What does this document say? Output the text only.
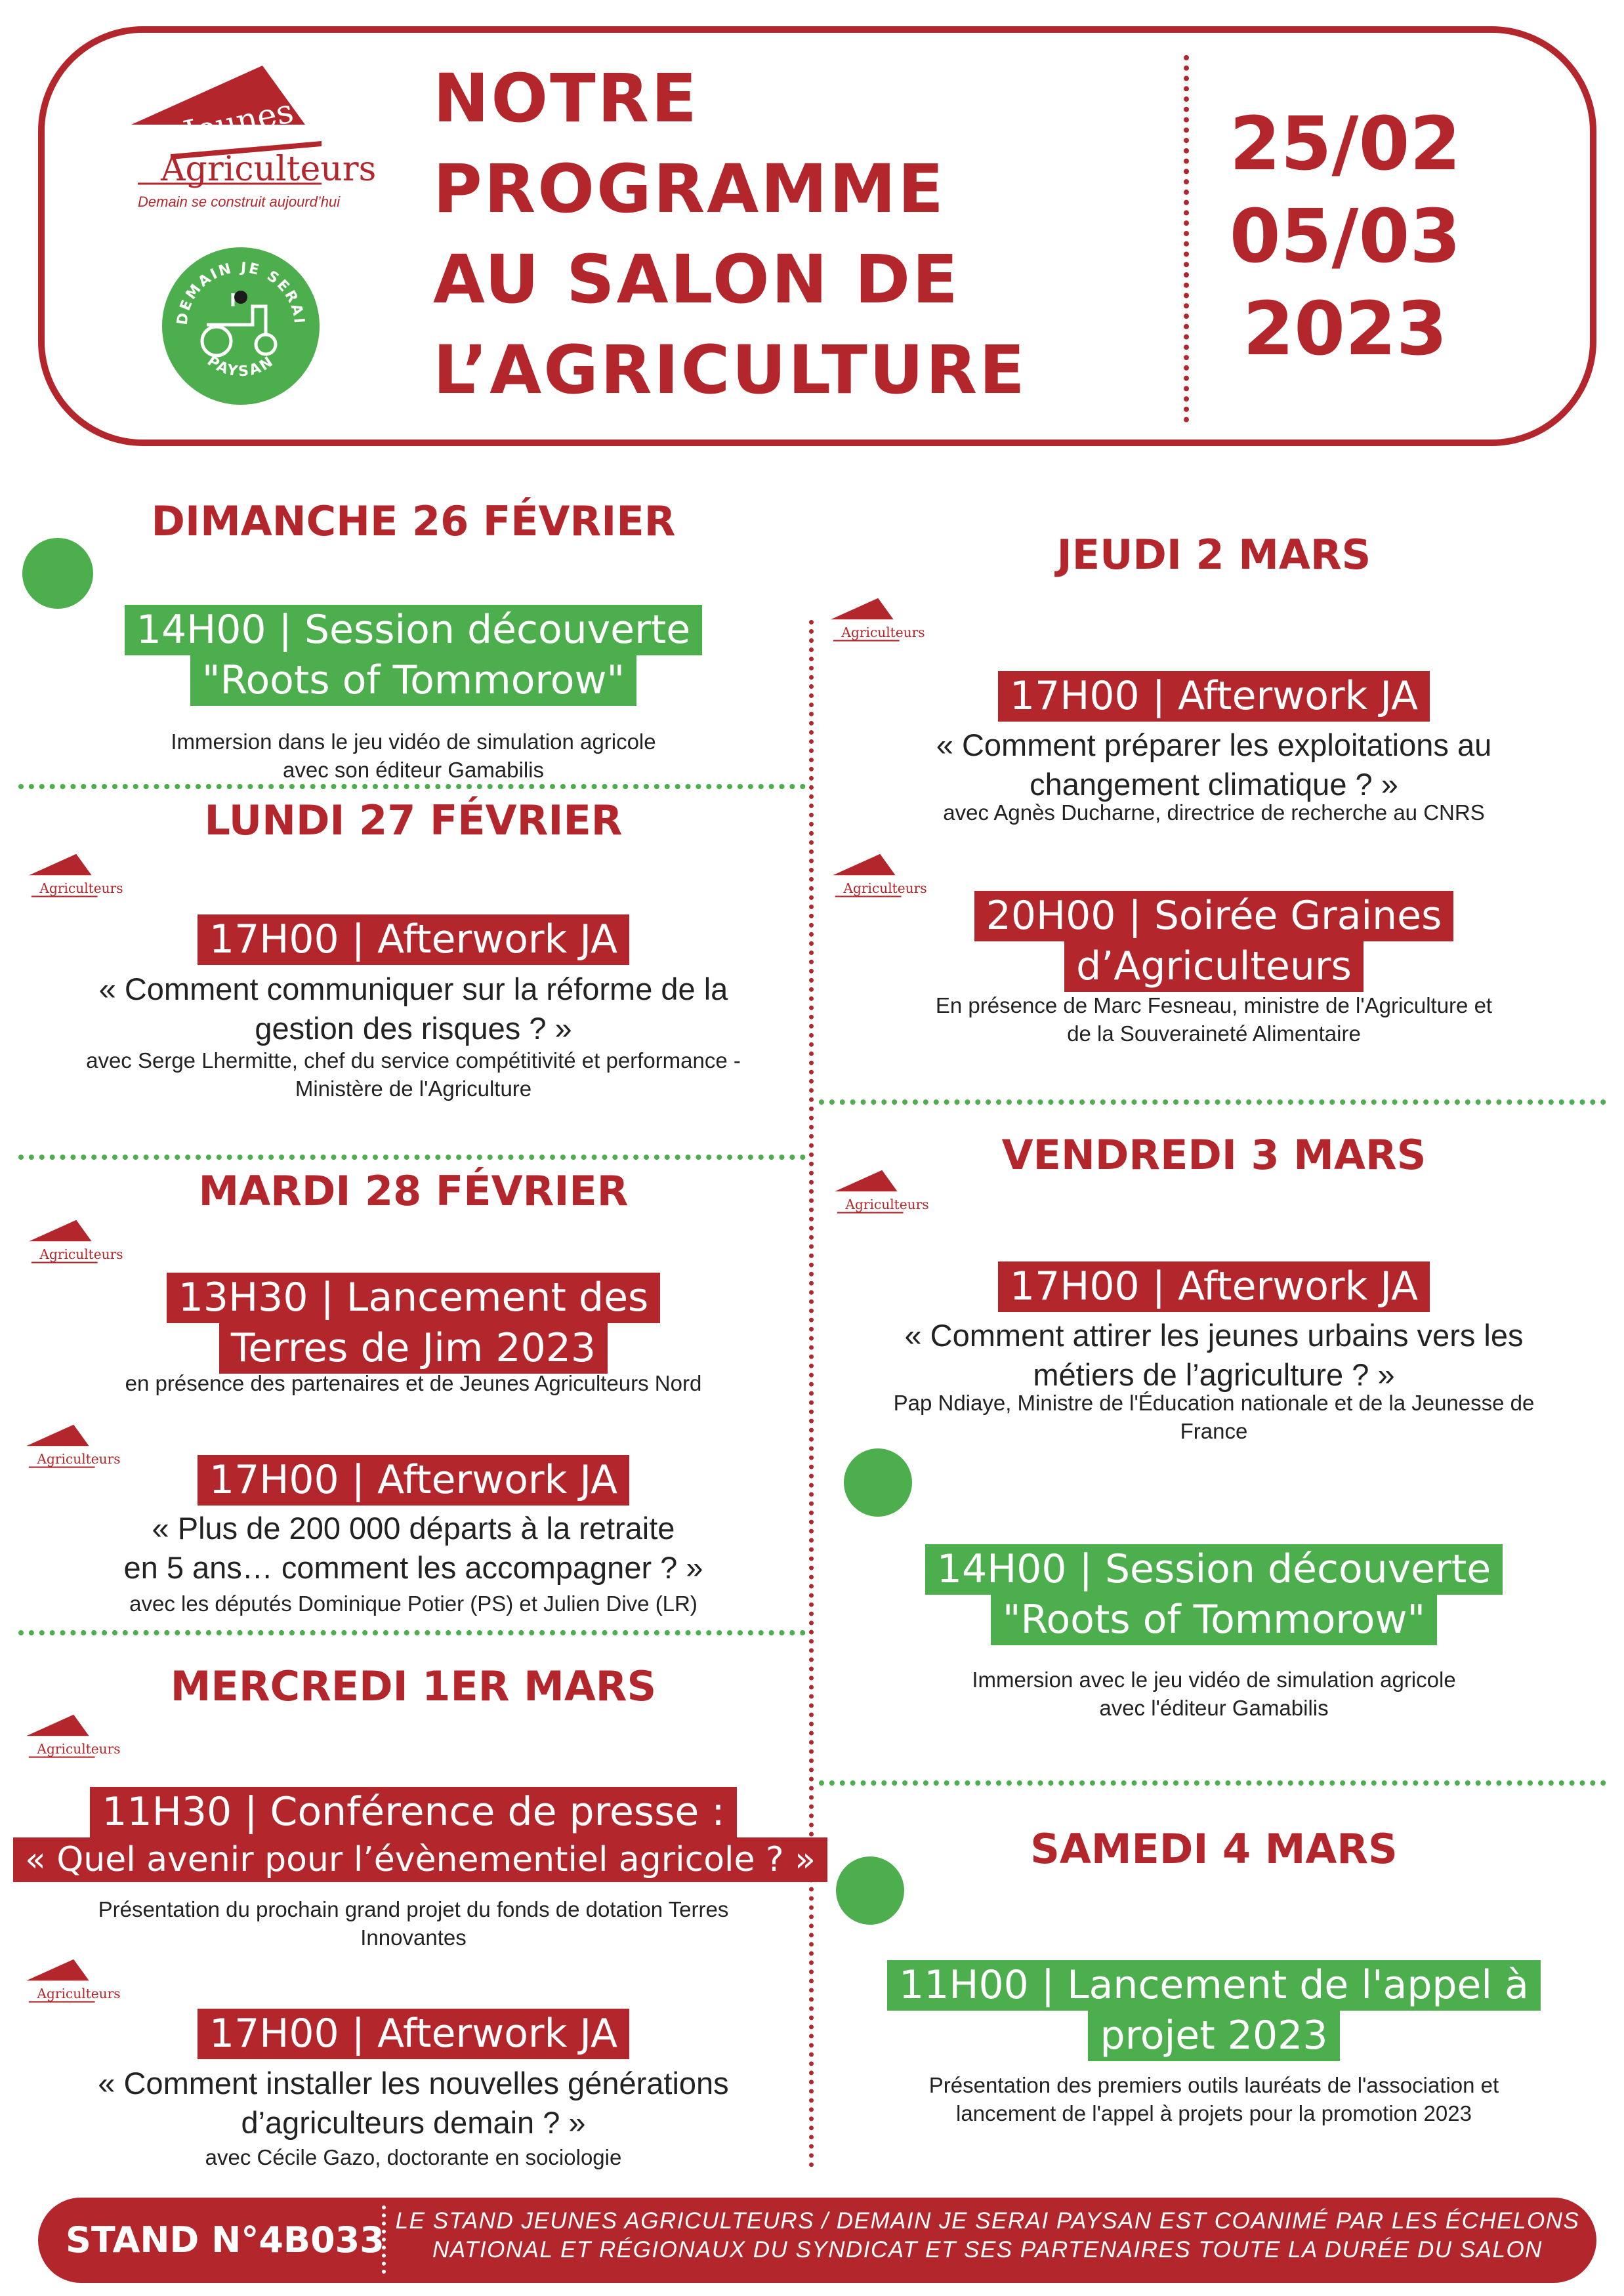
Jeunes
Agriculteurs
Demain se construit aujourd’hui
DEMAIN JE SERAI
PAYSAN
NOTRE
PROGRAMME
AU SALON DE
L’AGRICULTURE
25/02
05/03
2023
DIMANCHE 26 FÉVRIER
14H00 | Session découverte
"Roots of Tommorow"
Immersion dans le jeu vidéo de simulation agricole
avec son éditeur Gamabilis
LUNDI 27 FÉVRIER
Agriculteurs
17H00 | Afterwork JA
« Comment communiquer sur la réforme de la
gestion des risques ? »
avec Serge Lhermitte, chef du service compétitivité et performance -
Ministère de l'Agriculture
MARDI 28 FÉVRIER
Agriculteurs
13H30 | Lancement des
Terres de Jim 2023
en présence des partenaires et de Jeunes Agriculteurs Nord
Agriculteurs	17H00 | Afterwork JA
« Plus de 200 000 départs à la retraite
en 5 ans… comment les accompagner ? »
avec les députés Dominique Potier (PS) et Julien Dive (LR)
MERCREDI 1ER MARS
Agriculteurs
11H30 | Conférence de presse :
« Quel avenir pour l’évènementiel agricole ? »
Présentation du prochain grand projet du fonds de dotation Terres
Innovantes
Agriculteurs
17H00 | Afterwork JA
« Comment installer les nouvelles générations
d’agriculteurs demain ? »
avec Cécile Gazo, doctorante en sociologie
JEUDI 2 MARS
Agriculteurs
17H00 | Afterwork JA
« Comment préparer les exploitations au
changement climatique ? »
avec Agnès Ducharne, directrice de recherche au CNRS
Agriculteurs
20H00 | Soirée Graines
d’Agriculteurs
En présence de Marc Fesneau, ministre de l'Agriculture et
de la Souveraineté Alimentaire
VENDREDI 3 MARS
Agriculteurs
17H00 | Afterwork JA
« Comment attirer les jeunes urbains vers les
métiers de l’agriculture ? »
Pap Ndiaye, Ministre de l'Éducation nationale et de la Jeunesse de
France
14H00 | Session découverte
"Roots of Tommorow"
Immersion avec le jeu vidéo de simulation agricole
avec l'éditeur Gamabilis
SAMEDI 4 MARS
11H00 | Lancement de l'appel à
projet 2023
Présentation des premiers outils lauréats de l'association et
lancement de l'appel à projets pour la promotion 2023
STAND N°4B033 LE STAND JEUNES AGRICULTEURS / DEMAIN JE SERAI PAYSAN EST COANIMÉ PAR LES ÉCHELONS
NATIONAL ET RÉGIONAUX DU SYNDICAT ET SES PARTENAIRES TOUTE LA DURÉE DU SALON
